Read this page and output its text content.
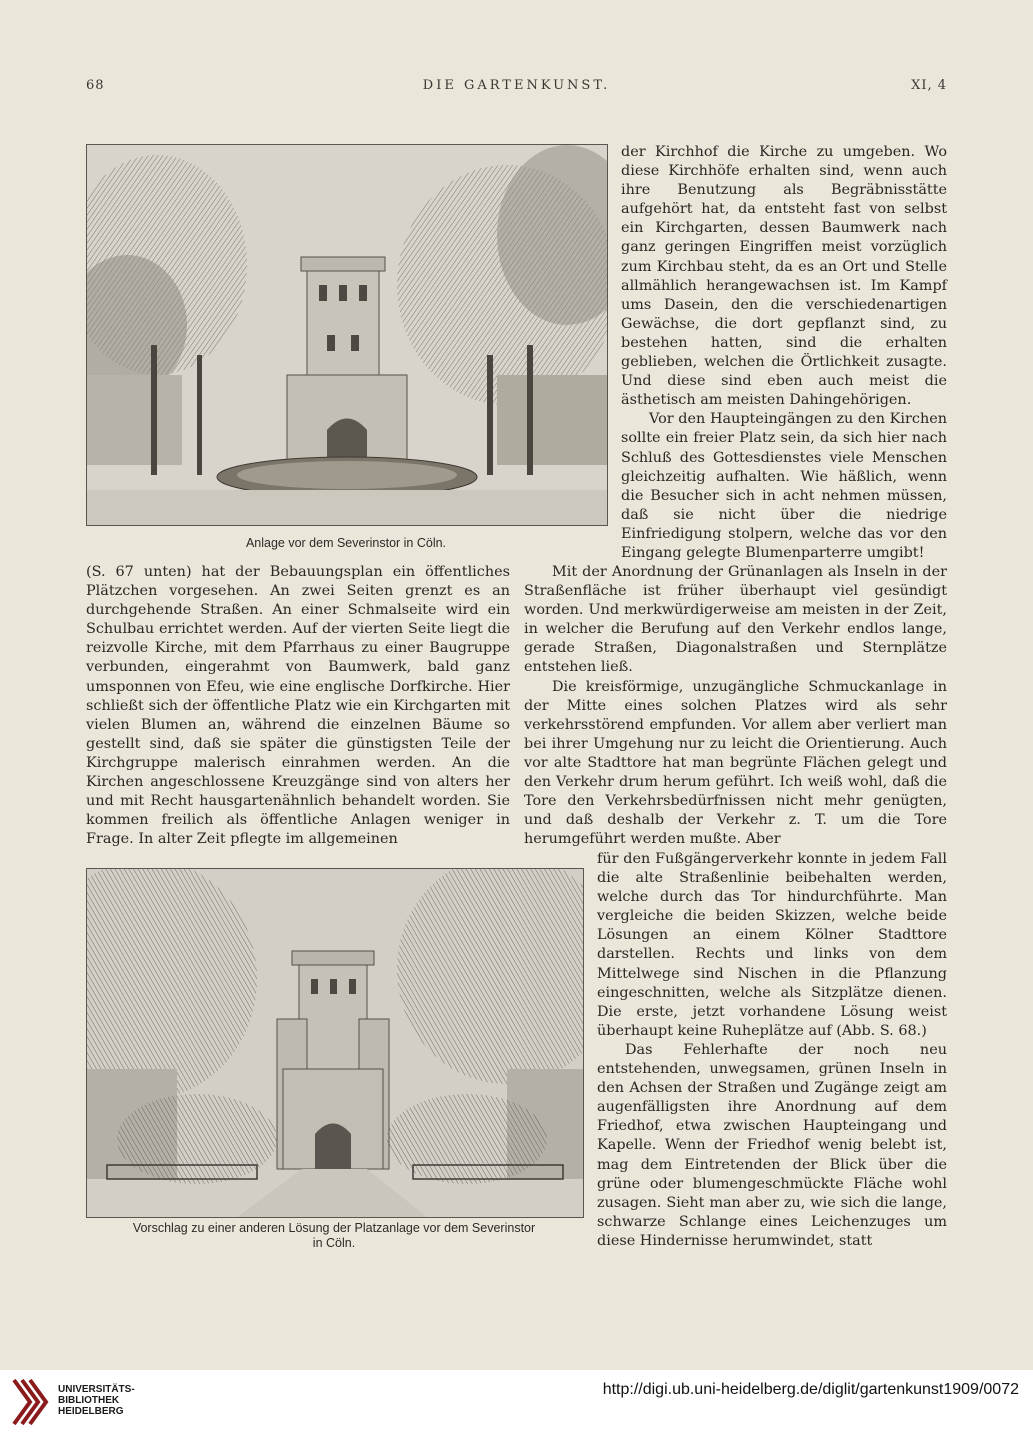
68	DIE GARTENKUNST.	XI, 4
Anlage vor dem Severinstor in Cöln.

der Kirchhof die Kirche zu umgeben. Wo diese Kirchhöfe erhalten sind, wenn auch ihre Benutzung als Begräbnisstätte aufgehört hat, da entsteht fast von selbst ein Kirchgarten, dessen Baumwerk nach ganz geringen Eingriffen meist vorzüglich zum Kirchbau steht, da es an Ort und Stelle allmählich herangewachsen ist. Im Kampf ums Dasein, den die verschiedenartigen Gewächse, die dort gepflanzt sind, zu bestehen hatten, sind die erhalten geblieben, welchen die Örtlichkeit zusagte. Und diese sind eben auch meist die ästhetisch am meisten Dahingehörigen.

Vor den Haupteingängen zu den Kirchen sollte ein freier Platz sein, da sich hier nach Schluß des Gottesdienstes viele Menschen gleichzeitig aufhalten. Wie häßlich, wenn die Besucher sich in acht nehmen müssen, daß sie nicht über die niedrige Einfriedigung stolpern, welche das vor den Eingang gelegte Blumenparterre umgibt!

(S. 67 unten) hat der Bebauungsplan ein öffentliches Plätzchen vorgesehen. An zwei Seiten grenzt es an durchgehende Straßen. An einer Schmalseite wird ein Schulbau errichtet werden. Auf der vierten Seite liegt die reizvolle Kirche, mit dem Pfarrhaus zu einer Baugruppe verbunden, eingerahmt von Baumwerk, bald ganz umsponnen von Efeu, wie eine englische Dorfkirche. Hier schließt sich der öffentliche Platz wie ein Kirchgarten mit vielen Blumen an, während die einzelnen Bäume so gestellt sind, daß sie später die günstigsten Teile der Kirchgruppe malerisch einrahmen werden. An die Kirchen angeschlossene Kreuzgänge sind von alters her und mit Recht hausgartenähnlich behandelt worden. Sie kommen freilich als öffentliche Anlagen weniger in Frage. In alter Zeit pflegte im allgemeinen

Mit der Anordnung der Grünanlagen als Inseln in der Straßenfläche ist früher überhaupt viel gesündigt worden. Und merkwürdigerweise am meisten in der Zeit, in welcher die Berufung auf den Verkehr endlos lange, gerade Straßen, Diagonalstraßen und Sternplätze entstehen ließ.

Die kreisförmige, unzugängliche Schmuckanlage in der Mitte eines solchen Platzes wird als sehr verkehrsstörend empfunden. Vor allem aber verliert man bei ihrer Umgehung nur zu leicht die Orientierung. Auch vor alte Stadttore hat man begrünte Flächen gelegt und den Verkehr drum herum geführt. Ich weiß wohl, daß die Tore den Verkehrsbedürfnissen nicht mehr genügten, und daß deshalb der Verkehr z. T. um die Tore herumgeführt werden mußte. Aber

Vorschlag zu einer anderen Lösung der Platzanlage vor dem Severinstor
in Cöln.

für den Fußgängerverkehr konnte in jedem Fall die alte Straßenlinie beibehalten werden, welche durch das Tor hindurchführte. Man vergleiche die beiden Skizzen, welche beide Lösungen an einem Kölner Stadttore darstellen. Rechts und links von dem Mittelwege sind Nischen in die Pflanzung eingeschnitten, welche als Sitzplätze dienen. Die erste, jetzt vorhandene Lösung weist überhaupt keine Ruheplätze auf (Abb. S. 68.)

Das Fehlerhafte der noch neu entstehenden, unwegsamen, grünen Inseln in den Achsen der Straßen und Zugänge zeigt am augenfälligsten ihre Anordnung auf dem Friedhof, etwa zwischen Haupteingang und Kapelle. Wenn der Friedhof wenig belebt ist, mag dem Eintretenden der Blick über die grüne oder blumengeschmückte Fläche wohl zusagen. Sieht man aber zu, wie sich die lange, schwarze Schlange eines Leichenzuges um diese Hindernisse herumwindet, statt

UNIVERSITÄTS-
BIBLIOTHEK
HEIDELBERG
http://digi.ub.uni-heidelberg.de/diglit/gartenkunst1909/0072
